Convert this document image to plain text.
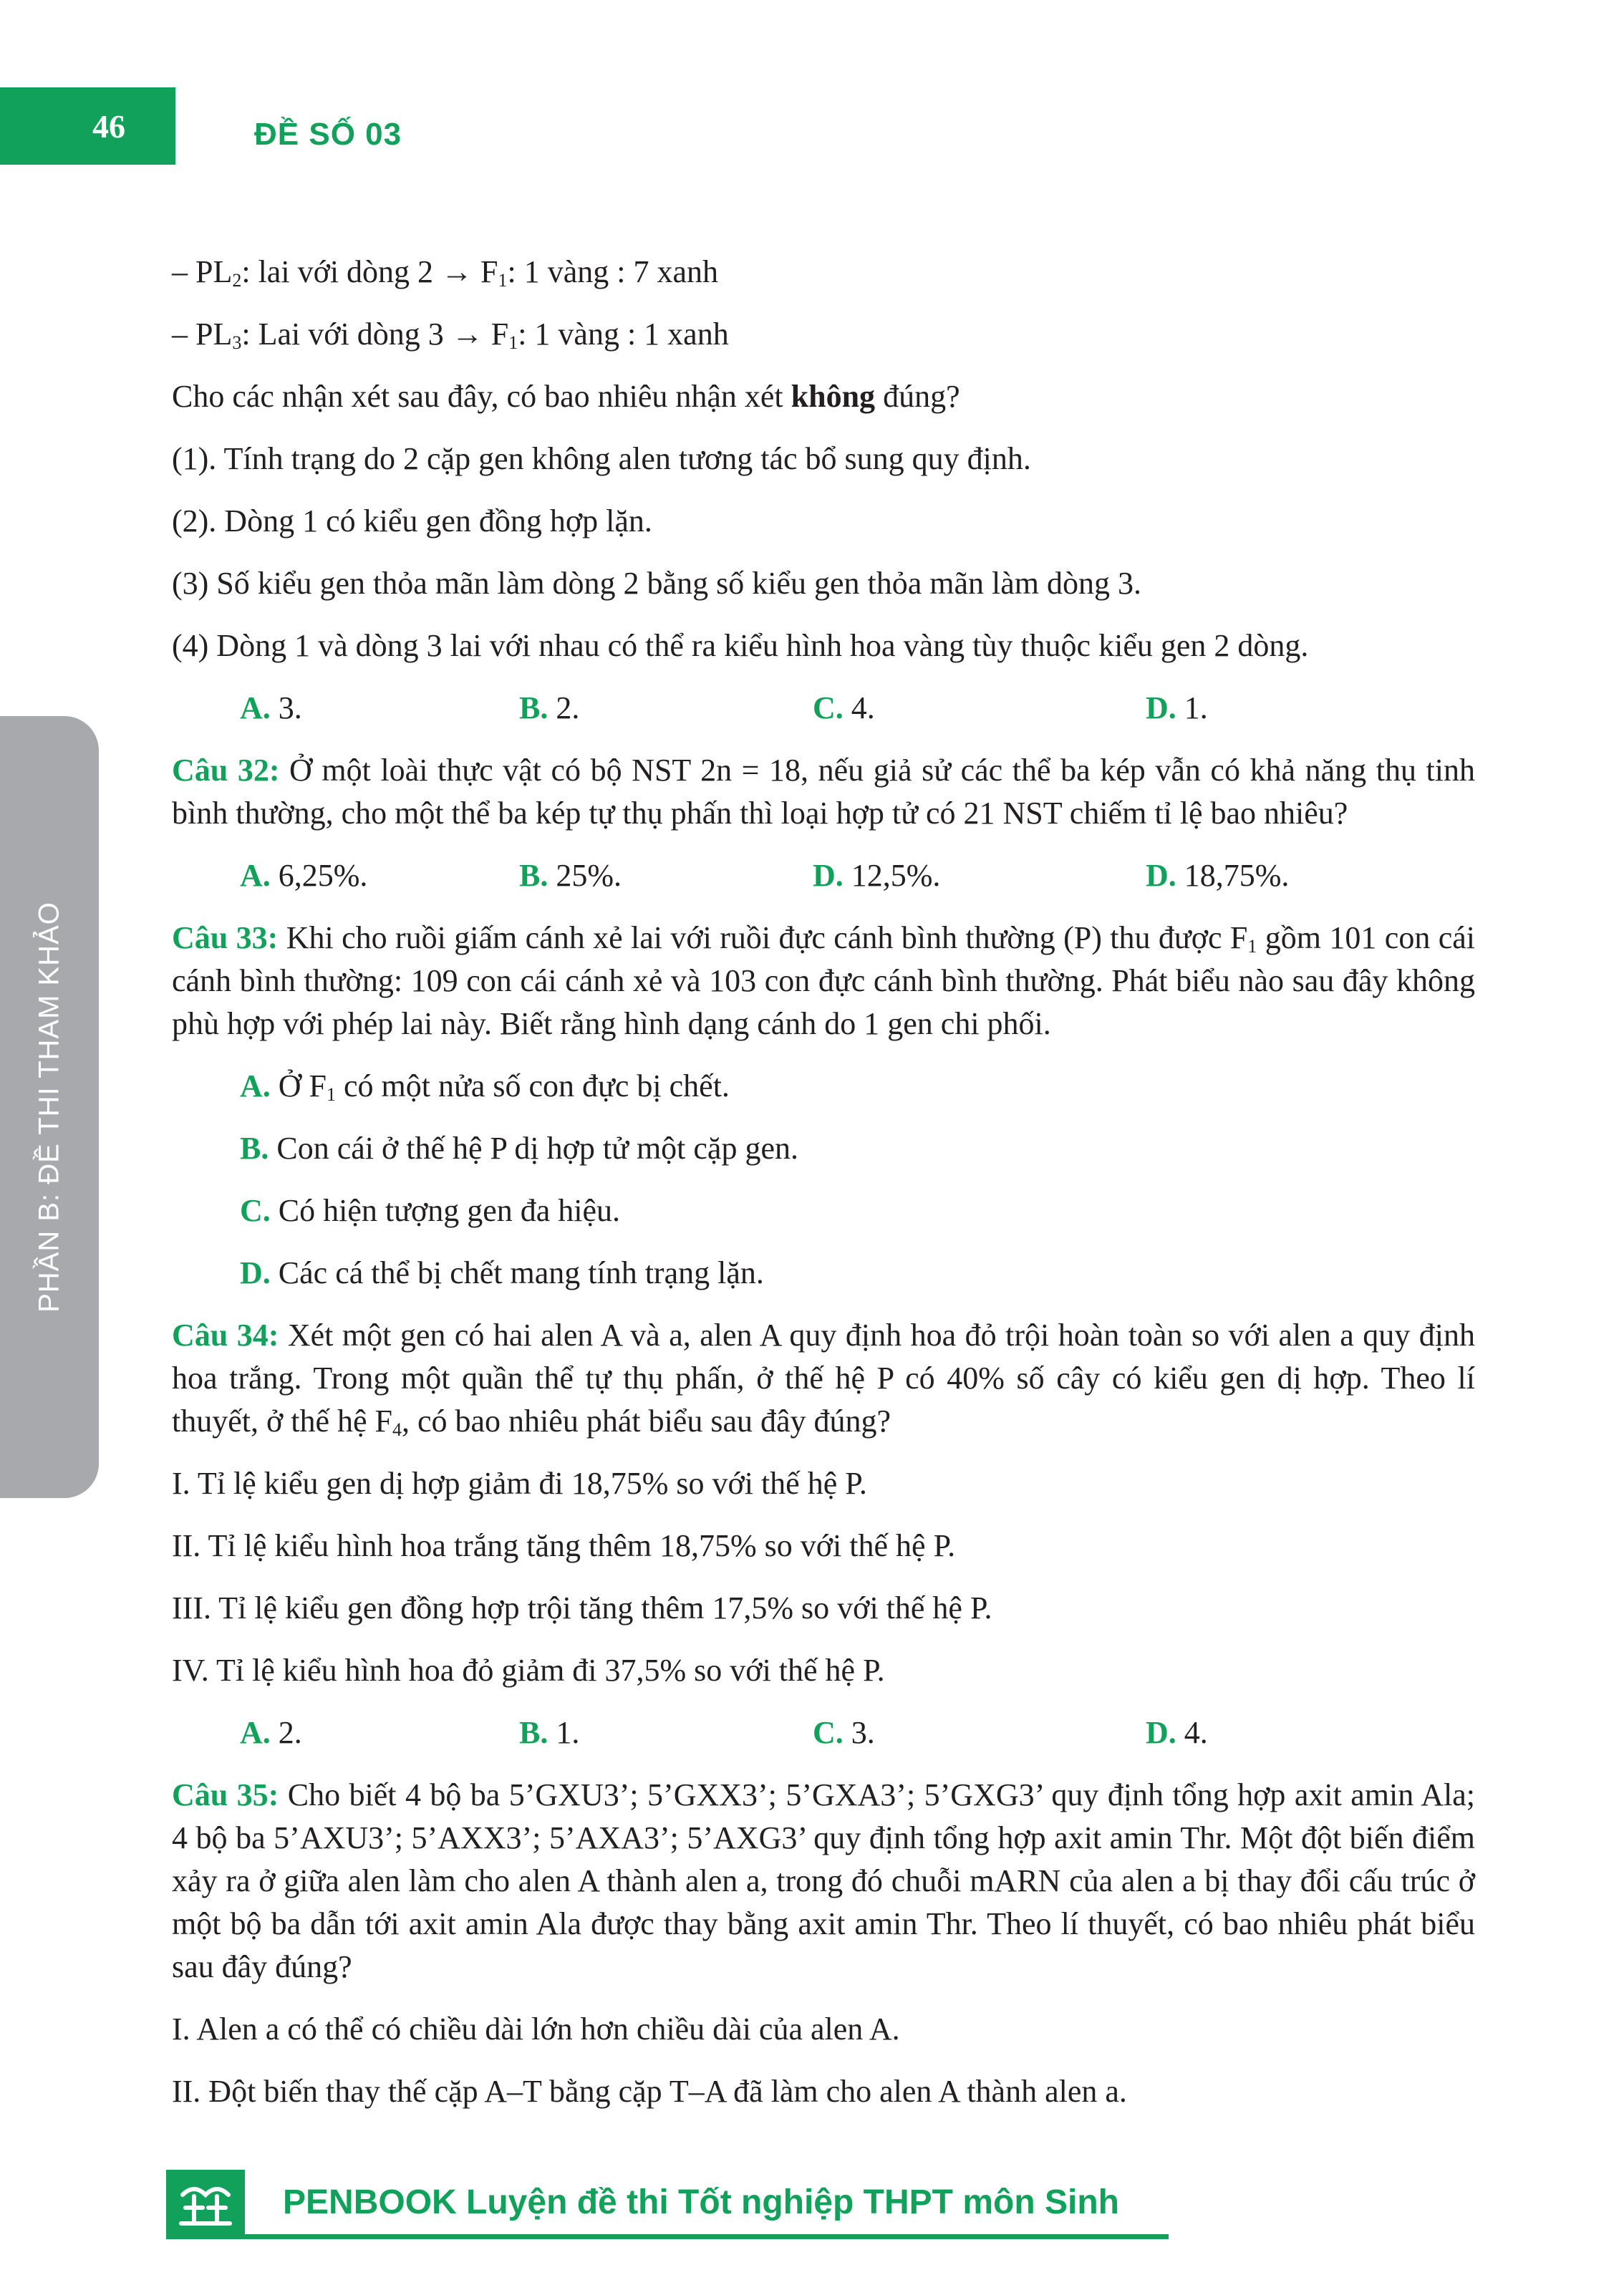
46	ĐỀ SỐ 03
PHẦN B: ĐỀ THI THAM KHẢO
– $PL_2$: lai với dòng $2 \to F_1$: 1 vàng : 7 xanh
– $PL_3$: Lai với dòng $3 \to F_1$: 1 vàng : 1 xanh
Cho các nhận xét sau đây, có bao nhiêu nhận xét không đúng?
(1). Tính trạng do 2 cặp gen không alen tương tác bổ sung quy định.
(2). Dòng 1 có kiểu gen đồng hợp lặn.
(3) Số kiểu gen thỏa mãn làm dòng 2 bằng số kiểu gen thỏa mãn làm dòng 3.
(4) Dòng 1 và dòng 3 lai với nhau có thể ra kiểu hình hoa vàng tùy thuộc kiểu gen 2 dòng.
A. 3.	B. 2.	C. 4.	D. 1.
Câu 32: Ở một loài thực vật có bộ NST 2n = 18, nếu giả sử các thể ba kép vẫn có khả năng thụ tinh bình thường, cho một thể ba kép tự thụ phấn thì loại hợp tử có 21 NST chiếm tỉ lệ bao nhiêu?
A. 6,25%.	B. 25%.	D. 12,5%.	D. 18,75%.
Câu 33: Khi cho ruồi giấm cánh xẻ lai với ruồi đực cánh bình thường (P) thu được $F_1$ gồm 101 con cái cánh bình thường: 109 con cái cánh xẻ và 103 con đực cánh bình thường. Phát biểu nào sau đây không phù hợp với phép lai này. Biết rằng hình dạng cánh do 1 gen chi phối.
A. Ở $F_1$ có một nửa số con đực bị chết.
B. Con cái ở thế hệ P dị hợp tử một cặp gen.
C. Có hiện tượng gen đa hiệu.
D. Các cá thể bị chết mang tính trạng lặn.
Câu 34: Xét một gen có hai alen A và a, alen A quy định hoa đỏ trội hoàn toàn so với alen a quy định hoa trắng. Trong một quần thể tự thụ phấn, ở thế hệ P có 40% số cây có kiểu gen dị hợp. Theo lí thuyết, ở thế hệ $F_4$, có bao nhiêu phát biểu sau đây đúng?
I. Tỉ lệ kiểu gen dị hợp giảm đi 18,75% so với thế hệ P.
II. Tỉ lệ kiểu hình hoa trắng tăng thêm 18,75% so với thế hệ P.
III. Tỉ lệ kiểu gen đồng hợp trội tăng thêm 17,5% so với thế hệ P.
IV. Tỉ lệ kiểu hình hoa đỏ giảm đi 37,5% so với thế hệ P.
A. 2.	B. 1.	C. 3.	D. 4.
Câu 35: Cho biết 4 bộ ba 5’GXU3’; 5’GXX3’; 5’GXA3’; 5’GXG3’ quy định tổng hợp axit amin Ala; 4 bộ ba 5’AXU3’; 5’AXX3’; 5’AXA3’; 5’AXG3’ quy định tổng hợp axit amin Thr. Một đột biến điểm xảy ra ở giữa alen làm cho alen A thành alen a, trong đó chuỗi mARN của alen a bị thay đổi cấu trúc ở một bộ ba dẫn tới axit amin Ala được thay bằng axit amin Thr. Theo lí thuyết, có bao nhiêu phát biểu sau đây đúng?
I. Alen a có thể có chiều dài lớn hơn chiều dài của alen A.
II. Đột biến thay thế cặp A–T bằng cặp T–A đã làm cho alen A thành alen a.
PENBOOK Luyện đề thi Tốt nghiệp THPT môn Sinh
